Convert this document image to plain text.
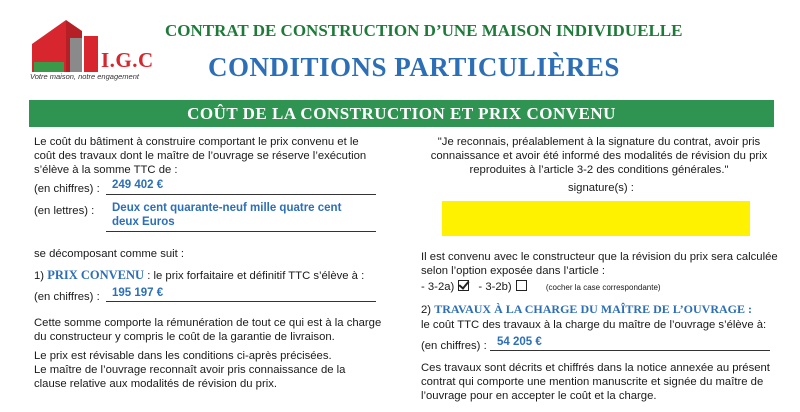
I.G.C
Votre maison, notre engagement
CONTRAT DE CONSTRUCTION D’UNE MAISON INDIVIDUELLE
CONDITIONS PARTICULIÈRES
COÛT DE LA CONSTRUCTION ET PRIX CONVENU
Le coût du bâtiment à construire comportant le prix convenu et le
coût des travaux dont le maître de l’ouvrage se réserve l’exécution
s’élève à la somme TTC de :
(en chiffres) : 249 402 €
(en lettres) : Deux cent quarante-neuf mille quatre cent
deux Euros
se décomposant comme suit :
1) PRIX CONVENU : le prix forfaitaire et définitif TTC s’élève à :
(en chiffres) : 195 197 €
Cette somme comporte la rémunération de tout ce qui est à la charge
du constructeur y compris le coût de la garantie de livraison.
Le prix est révisable dans les conditions ci-après précisées.
Le maître de l’ouvrage reconnaît avoir pris connaissance de la
clause relative aux modalités de révision du prix.
"Je reconnais, préalablement à la signature du contrat, avoir pris
connaissance et avoir été informé des modalités de révision du prix
reproduites à l’article 3-2 des conditions générales."
signature(s) :
Il est convenu avec le constructeur que la révision du prix sera calculée
selon l’option exposée dans l’article :
- 3-2a) - 3-2b)	(cocher la case correspondante)
2) TRAVAUX À LA CHARGE DU MAÎTRE DE L’OUVRAGE :
le coût TTC des travaux à la charge du maître de l’ouvrage s’élève à:
(en chiffres) : 54 205 €
Ces travaux sont décrits et chiffrés dans la notice annexée au présent
contrat qui comporte une mention manuscrite et signée du maître de
l’ouvrage pour en accepter le coût et la charge.
